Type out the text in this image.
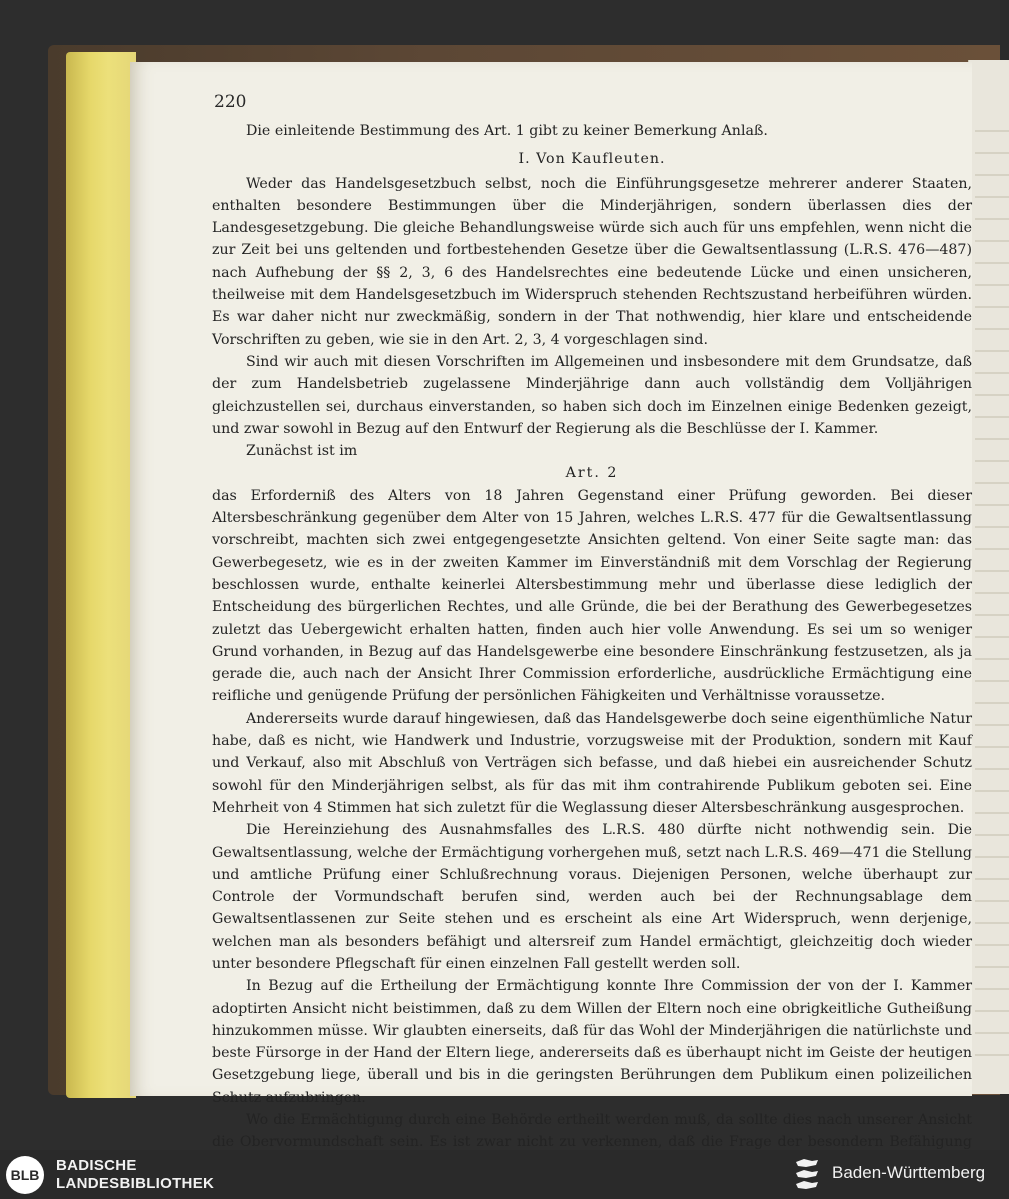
220

Die einleitende Bestimmung des Art. 1 gibt zu keiner Bemerkung Anlaß.

I. Von Kaufleuten.

Weder das Handelsgesetzbuch selbst, noch die Einführungsgesetze mehrerer anderer Staaten, enthalten besondere Bestimmungen über die Minderjährigen, sondern überlassen dies der Landesgesetzgebung. Die gleiche Behandlungsweise würde sich auch für uns empfehlen, wenn nicht die zur Zeit bei uns geltenden und fortbestehenden Gesetze über die Gewaltsentlassung (L.R.S. 476—487) nach Aufhebung der §§ 2, 3, 6 des Handelsrechtes eine bedeutende Lücke und einen unsicheren, theilweise mit dem Handelsgesetzbuch im Widerspruch stehenden Rechtszustand herbeiführen würden. Es war daher nicht nur zweckmäßig, sondern in der That nothwendig, hier klare und entscheidende Vorschriften zu geben, wie sie in den Art. 2, 3, 4 vorgeschlagen sind.

Sind wir auch mit diesen Vorschriften im Allgemeinen und insbesondere mit dem Grundsatze, daß der zum Handelsbetrieb zugelassene Minderjährige dann auch vollständig dem Volljährigen gleichzustellen sei, durchaus einverstanden, so haben sich doch im Einzelnen einige Bedenken gezeigt, und zwar sowohl in Bezug auf den Entwurf der Regierung als die Beschlüsse der I. Kammer.

Zunächst ist im

Art. 2

das Erforderniß des Alters von 18 Jahren Gegenstand einer Prüfung geworden. Bei dieser Altersbeschränkung gegenüber dem Alter von 15 Jahren, welches L.R.S. 477 für die Gewaltsentlassung vorschreibt, machten sich zwei entgegengesetzte Ansichten geltend. Von einer Seite sagte man: das Gewerbegesetz, wie es in der zweiten Kammer im Einverständniß mit dem Vorschlag der Regierung beschlossen wurde, enthalte keinerlei Altersbestimmung mehr und überlasse diese lediglich der Entscheidung des bürgerlichen Rechtes, und alle Gründe, die bei der Berathung des Gewerbegesetzes zuletzt das Uebergewicht erhalten hatten, finden auch hier volle Anwendung. Es sei um so weniger Grund vorhanden, in Bezug auf das Handelsgewerbe eine besondere Einschränkung festzusetzen, als ja gerade die, auch nach der Ansicht Ihrer Commission erforderliche, ausdrückliche Ermächtigung eine reifliche und genügende Prüfung der persönlichen Fähigkeiten und Verhältnisse voraussetze.

Andererseits wurde darauf hingewiesen, daß das Handelsgewerbe doch seine eigenthümliche Natur habe, daß es nicht, wie Handwerk und Industrie, vorzugsweise mit der Produktion, sondern mit Kauf und Verkauf, also mit Abschluß von Verträgen sich befasse, und daß hiebei ein ausreichender Schutz sowohl für den Minderjährigen selbst, als für das mit ihm contrahirende Publikum geboten sei. Eine Mehrheit von 4 Stimmen hat sich zuletzt für die Weglassung dieser Altersbeschränkung ausgesprochen.

Die Hereinziehung des Ausnahmsfalles des L.R.S. 480 dürfte nicht nothwendig sein. Die Gewaltsentlassung, welche der Ermächtigung vorhergehen muß, setzt nach L.R.S. 469—471 die Stellung und amtliche Prüfung einer Schlußrechnung voraus. Diejenigen Personen, welche überhaupt zur Controle der Vormundschaft berufen sind, werden auch bei der Rechnungsablage dem Gewaltsentlassenen zur Seite stehen und es erscheint als eine Art Widerspruch, wenn derjenige, welchen man als besonders befähigt und altersreif zum Handel ermächtigt, gleichzeitig doch wieder unter besondere Pflegschaft für einen einzelnen Fall gestellt werden soll.

In Bezug auf die Ertheilung der Ermächtigung konnte Ihre Commission der von der I. Kammer adoptirten Ansicht nicht beistimmen, daß zu dem Willen der Eltern noch eine obrigkeitliche Gutheißung hinzukommen müsse. Wir glaubten einerseits, daß für das Wohl der Minderjährigen die natürlichste und beste Fürsorge in der Hand der Eltern liege, andererseits daß es überhaupt nicht im Geiste der heutigen Gesetzgebung liege, überall und bis in die geringsten Berührungen dem Publikum einen polizeilichen Schutz aufzubringen.

Wo die Ermächtigung durch eine Behörde ertheilt werden muß, da sollte dies nach unserer Ansicht die Obervormundschaft sein. Es ist zwar nicht zu verkennen, daß die Frage der besondern Befähigung

BLB
BADISCHE
LANDESBIBLIOTHEK
Baden-Württemberg
